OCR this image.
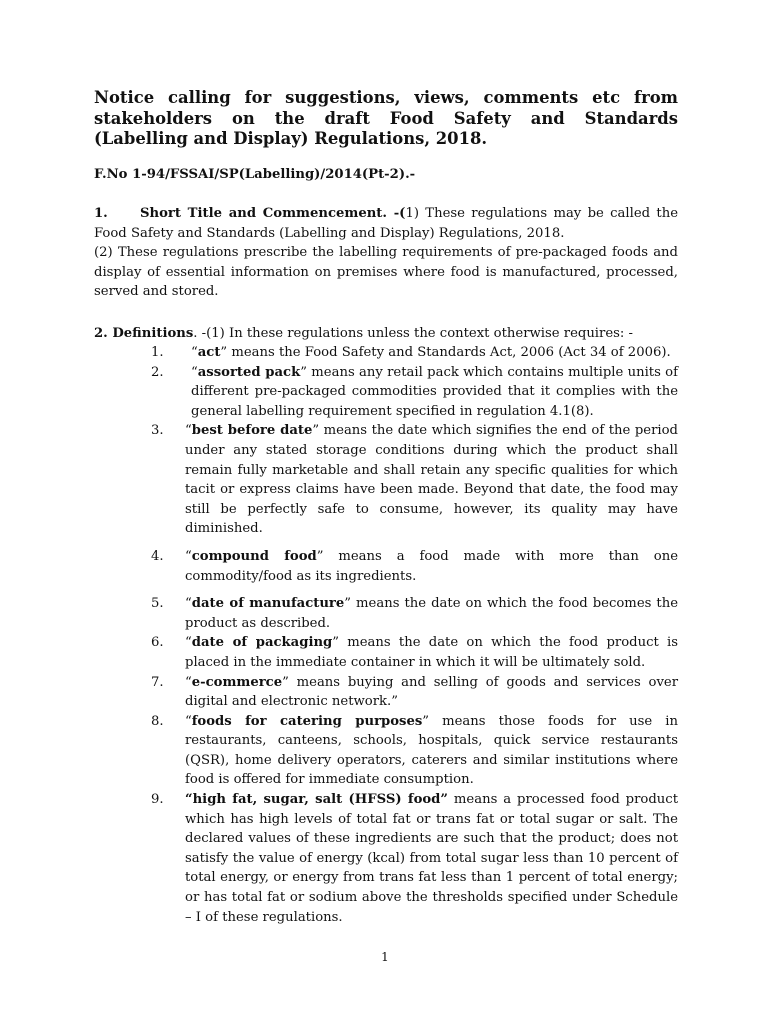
Notice calling for suggestions, views, comments etc from stakeholders on the draft Food Safety and Standards (Labelling and Display) Regulations, 2018.
F.No 1-94/FSSAI/SP(Labelling)/2014(Pt-2).-
1. Short Title and Commencement. -(1) These regulations may be called the Food Safety and Standards (Labelling and Display) Regulations, 2018.
(2) These regulations prescribe the labelling requirements of pre-packaged foods and display of essential information on premises where food is manufactured, processed, served and stored.
2. Definitions. -(1) In these regulations unless the context otherwise requires: -
1. “act” means the Food Safety and Standards Act, 2006 (Act 34 of 2006).
2. “assorted pack” means any retail pack which contains multiple units of different pre-packaged commodities provided that it complies with the general labelling requirement specified in regulation 4.1(8).
3. “best before date” means the date which signifies the end of the period under any stated storage conditions during which the product shall remain fully marketable and shall retain any specific qualities for which tacit or express claims have been made. Beyond that date, the food may still be perfectly safe to consume, however, its quality may have diminished.
4. “compound food” means a food made with more than one commodity/food as its ingredients.
5. “date of manufacture” means the date on which the food becomes the product as described.
6. “date of packaging” means the date on which the food product is placed in the immediate container in which it will be ultimately sold.
7. “e-commerce” means buying and selling of goods and services over digital and electronic network.”
8. “foods for catering purposes” means those foods for use in restaurants, canteens, schools, hospitals, quick service restaurants (QSR), home delivery operators, caterers and similar institutions where food is offered for immediate consumption.
9. “high fat, sugar, salt (HFSS) food” means a processed food product which has high levels of total fat or trans fat or total sugar or salt. The declared values of these ingredients are such that the product; does not satisfy the value of energy (kcal) from total sugar less than 10 percent of total energy, or energy from trans fat less than 1 percent of total energy; or has total fat or sodium above the thresholds specified under Schedule – I of these regulations.
1
